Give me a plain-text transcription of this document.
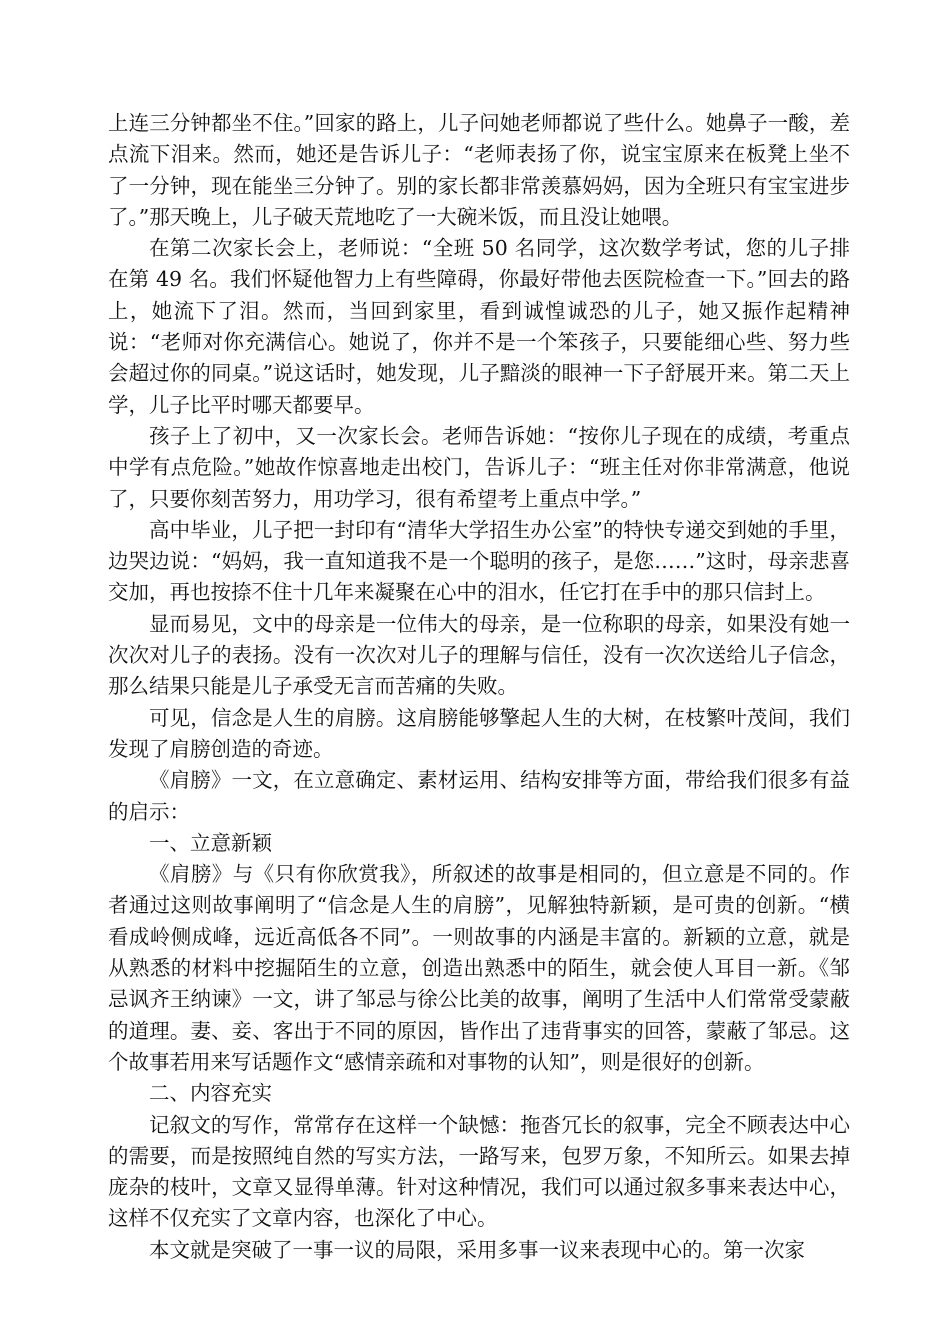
上连三分钟都坐不住。”回家的路上，儿子问她老师都说了些什么。她鼻子一酸，差点流下泪来。然而，她还是告诉儿子：“老师表扬了你，说宝宝原来在板凳上坐不了一分钟，现在能坐三分钟了。别的家长都非常羡慕妈妈，因为全班只有宝宝进步了。”那天晚上，儿子破天荒地吃了一大碗米饭，而且没让她喂。

在第二次家长会上，老师说：“全班 50 名同学，这次数学考试，您的儿子排在第 49 名。我们怀疑他智力上有些障碍，你最好带他去医院检查一下。”回去的路上，她流下了泪。然而，当回到家里，看到诚惶诚恐的儿子，她又振作起精神说：“老师对你充满信心。她说了，你并不是一个笨孩子，只要能细心些、努力些会超过你的同桌。”说这话时，她发现，儿子黯淡的眼神一下子舒展开来。第二天上学，儿子比平时哪天都要早。

孩子上了初中，又一次家长会。老师告诉她：“按你儿子现在的成绩，考重点中学有点危险。”她故作惊喜地走出校门，告诉儿子：“班主任对你非常满意，他说了，只要你刻苦努力，用功学习，很有希望考上重点中学。”

高中毕业，儿子把一封印有“清华大学招生办公室”的特快专递交到她的手里，边哭边说：“妈妈，我一直知道我不是一个聪明的孩子，是您……”这时，母亲悲喜交加，再也按捺不住十几年来凝聚在心中的泪水，任它打在手中的那只信封上。

显而易见，文中的母亲是一位伟大的母亲，是一位称职的母亲，如果没有她一次次对儿子的表扬。没有一次次对儿子的理解与信任，没有一次次送给儿子信念，那么结果只能是儿子承受无言而苦痛的失败。

可见，信念是人生的肩膀。这肩膀能够擎起人生的大树，在枝繁叶茂间，我们发现了肩膀创造的奇迹。

《肩膀》一文，在立意确定、素材运用、结构安排等方面，带给我们很多有益的启示：

一、立意新颖

《肩膀》与《只有你欣赏我》，所叙述的故事是相同的，但立意是不同的。作者通过这则故事阐明了“信念是人生的肩膀”，见解独特新颖，是可贵的创新。“横看成岭侧成峰，远近高低各不同”。一则故事的内涵是丰富的。新颖的立意，就是从熟悉的材料中挖掘陌生的立意，创造出熟悉中的陌生，就会使人耳目一新。《邹忌讽齐王纳谏》一文，讲了邹忌与徐公比美的故事，阐明了生活中人们常常受蒙蔽的道理。妻、妾、客出于不同的原因，皆作出了违背事实的回答，蒙蔽了邹忌。这个故事若用来写话题作文“感情亲疏和对事物的认知”，则是很好的创新。

二、内容充实

记叙文的写作，常常存在这样一个缺憾：拖沓冗长的叙事，完全不顾表达中心的需要，而是按照纯自然的写实方法，一路写来，包罗万象，不知所云。如果去掉庞杂的枝叶，文章又显得单薄。针对这种情况，我们可以通过叙多事来表达中心，这样不仅充实了文章内容，也深化了中心。

本文就是突破了一事一议的局限，采用多事一议来表现中心的。第一次家
